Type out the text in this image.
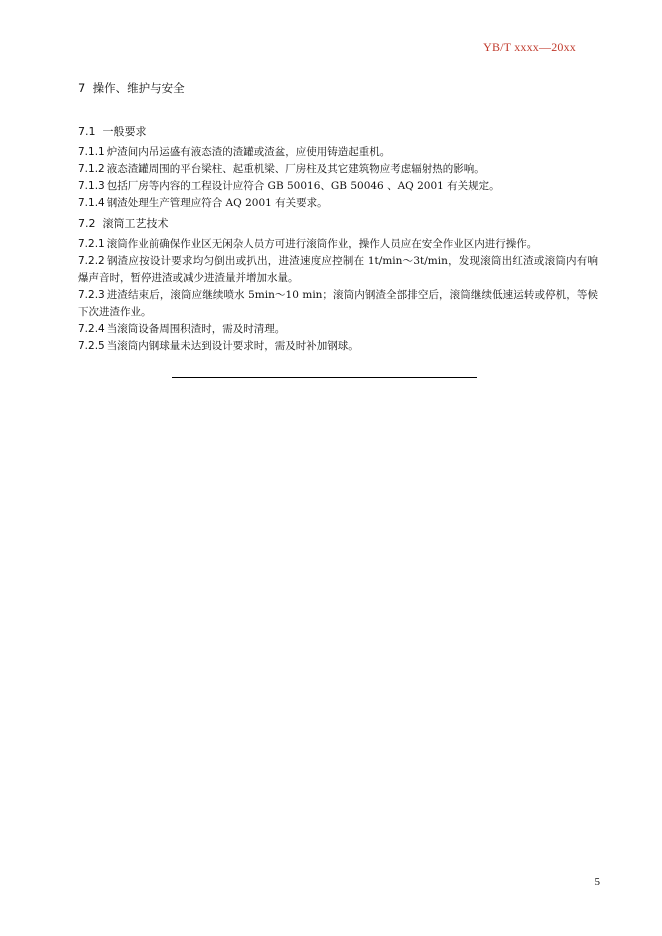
YB/T xxxx—20xx
7 操作、维护与安全
7.1 一般要求

7.1.1 炉渣间内吊运盛有液态渣的渣罐或渣盆，应使用铸造起重机。

7.1.2 液态渣罐周围的平台梁柱、起重机梁、厂房柱及其它建筑物应考虑辐射热的影响。

7.1.3 包括厂房等内容的工程设计应符合 GB 50016、GB 50046 、AQ 2001 有关规定。

7.1.4 钢渣处理生产管理应符合 AQ 2001 有关要求。

7.2 滚筒工艺技术

7.2.1 滚筒作业前确保作业区无闲杂人员方可进行滚筒作业，操作人员应在安全作业区内进行操作。

7.2.2 钢渣应按设计要求均匀倒出或扒出，进渣速度应控制在 1t/min～3t/min，发现滚筒出红渣或滚筒内有响爆声音时，暂停进渣或减少进渣量并增加水量。

7.2.3 进渣结束后，滚筒应继续喷水 5min～10 min；滚筒内钢渣全部排空后，滚筒继续低速运转或停机，等候下次进渣作业。

7.2.4 当滚筒设备周围积渣时，需及时清理。

7.2.5 当滚筒内钢球量未达到设计要求时，需及时补加钢球。

5
